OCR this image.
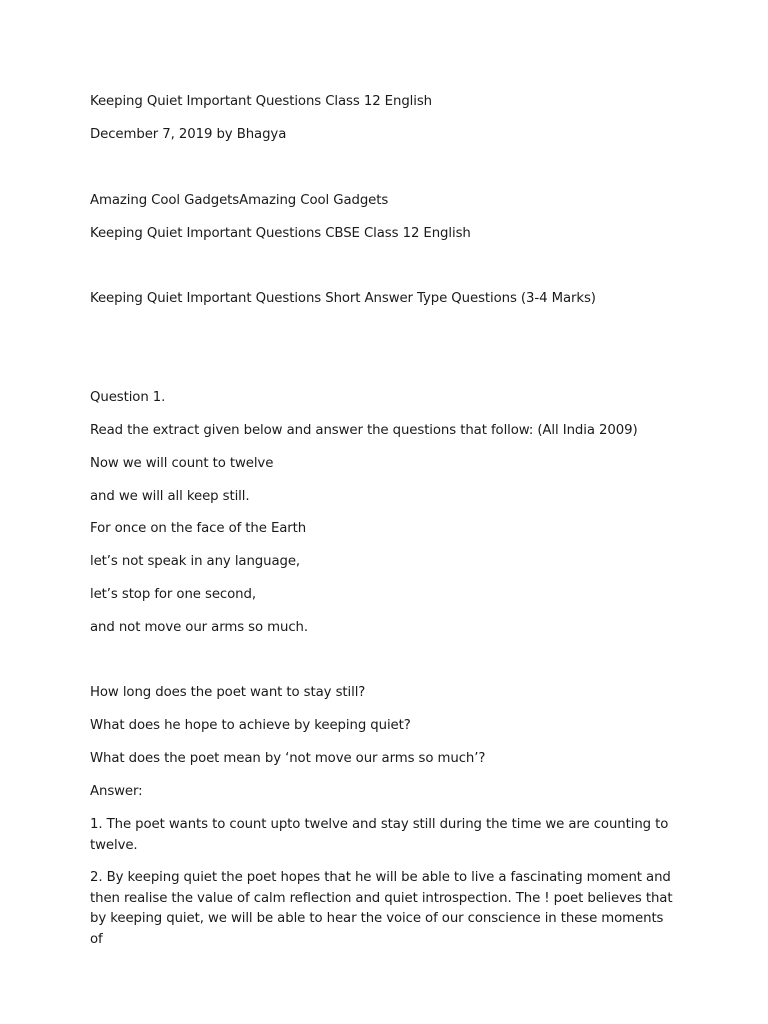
Keeping Quiet Important Questions Class 12 English
December 7, 2019 by Bhagya
Amazing Cool GadgetsAmazing Cool Gadgets
Keeping Quiet Important Questions CBSE Class 12 English
Keeping Quiet Important Questions Short Answer Type Questions (3-4 Marks)
Question 1.
Read the extract given below and answer the questions that follow: (All India 2009)
Now we will count to twelve
and we will all keep still.
For once on the face of the Earth
let’s not speak in any language,
let’s stop for one second,
and not move our arms so much.
How long does the poet want to stay still?
What does he hope to achieve by keeping quiet?
What does the poet mean by ‘not move our arms so much’?
Answer:
1. The poet wants to count upto twelve and stay still during the time we are counting to twelve.
2. By keeping quiet the poet hopes that he will be able to live a fascinating moment and then realise the value of calm reflection and quiet introspection. The ! poet believes that by keeping quiet, we will be able to hear the voice of our conscience in these moments of
